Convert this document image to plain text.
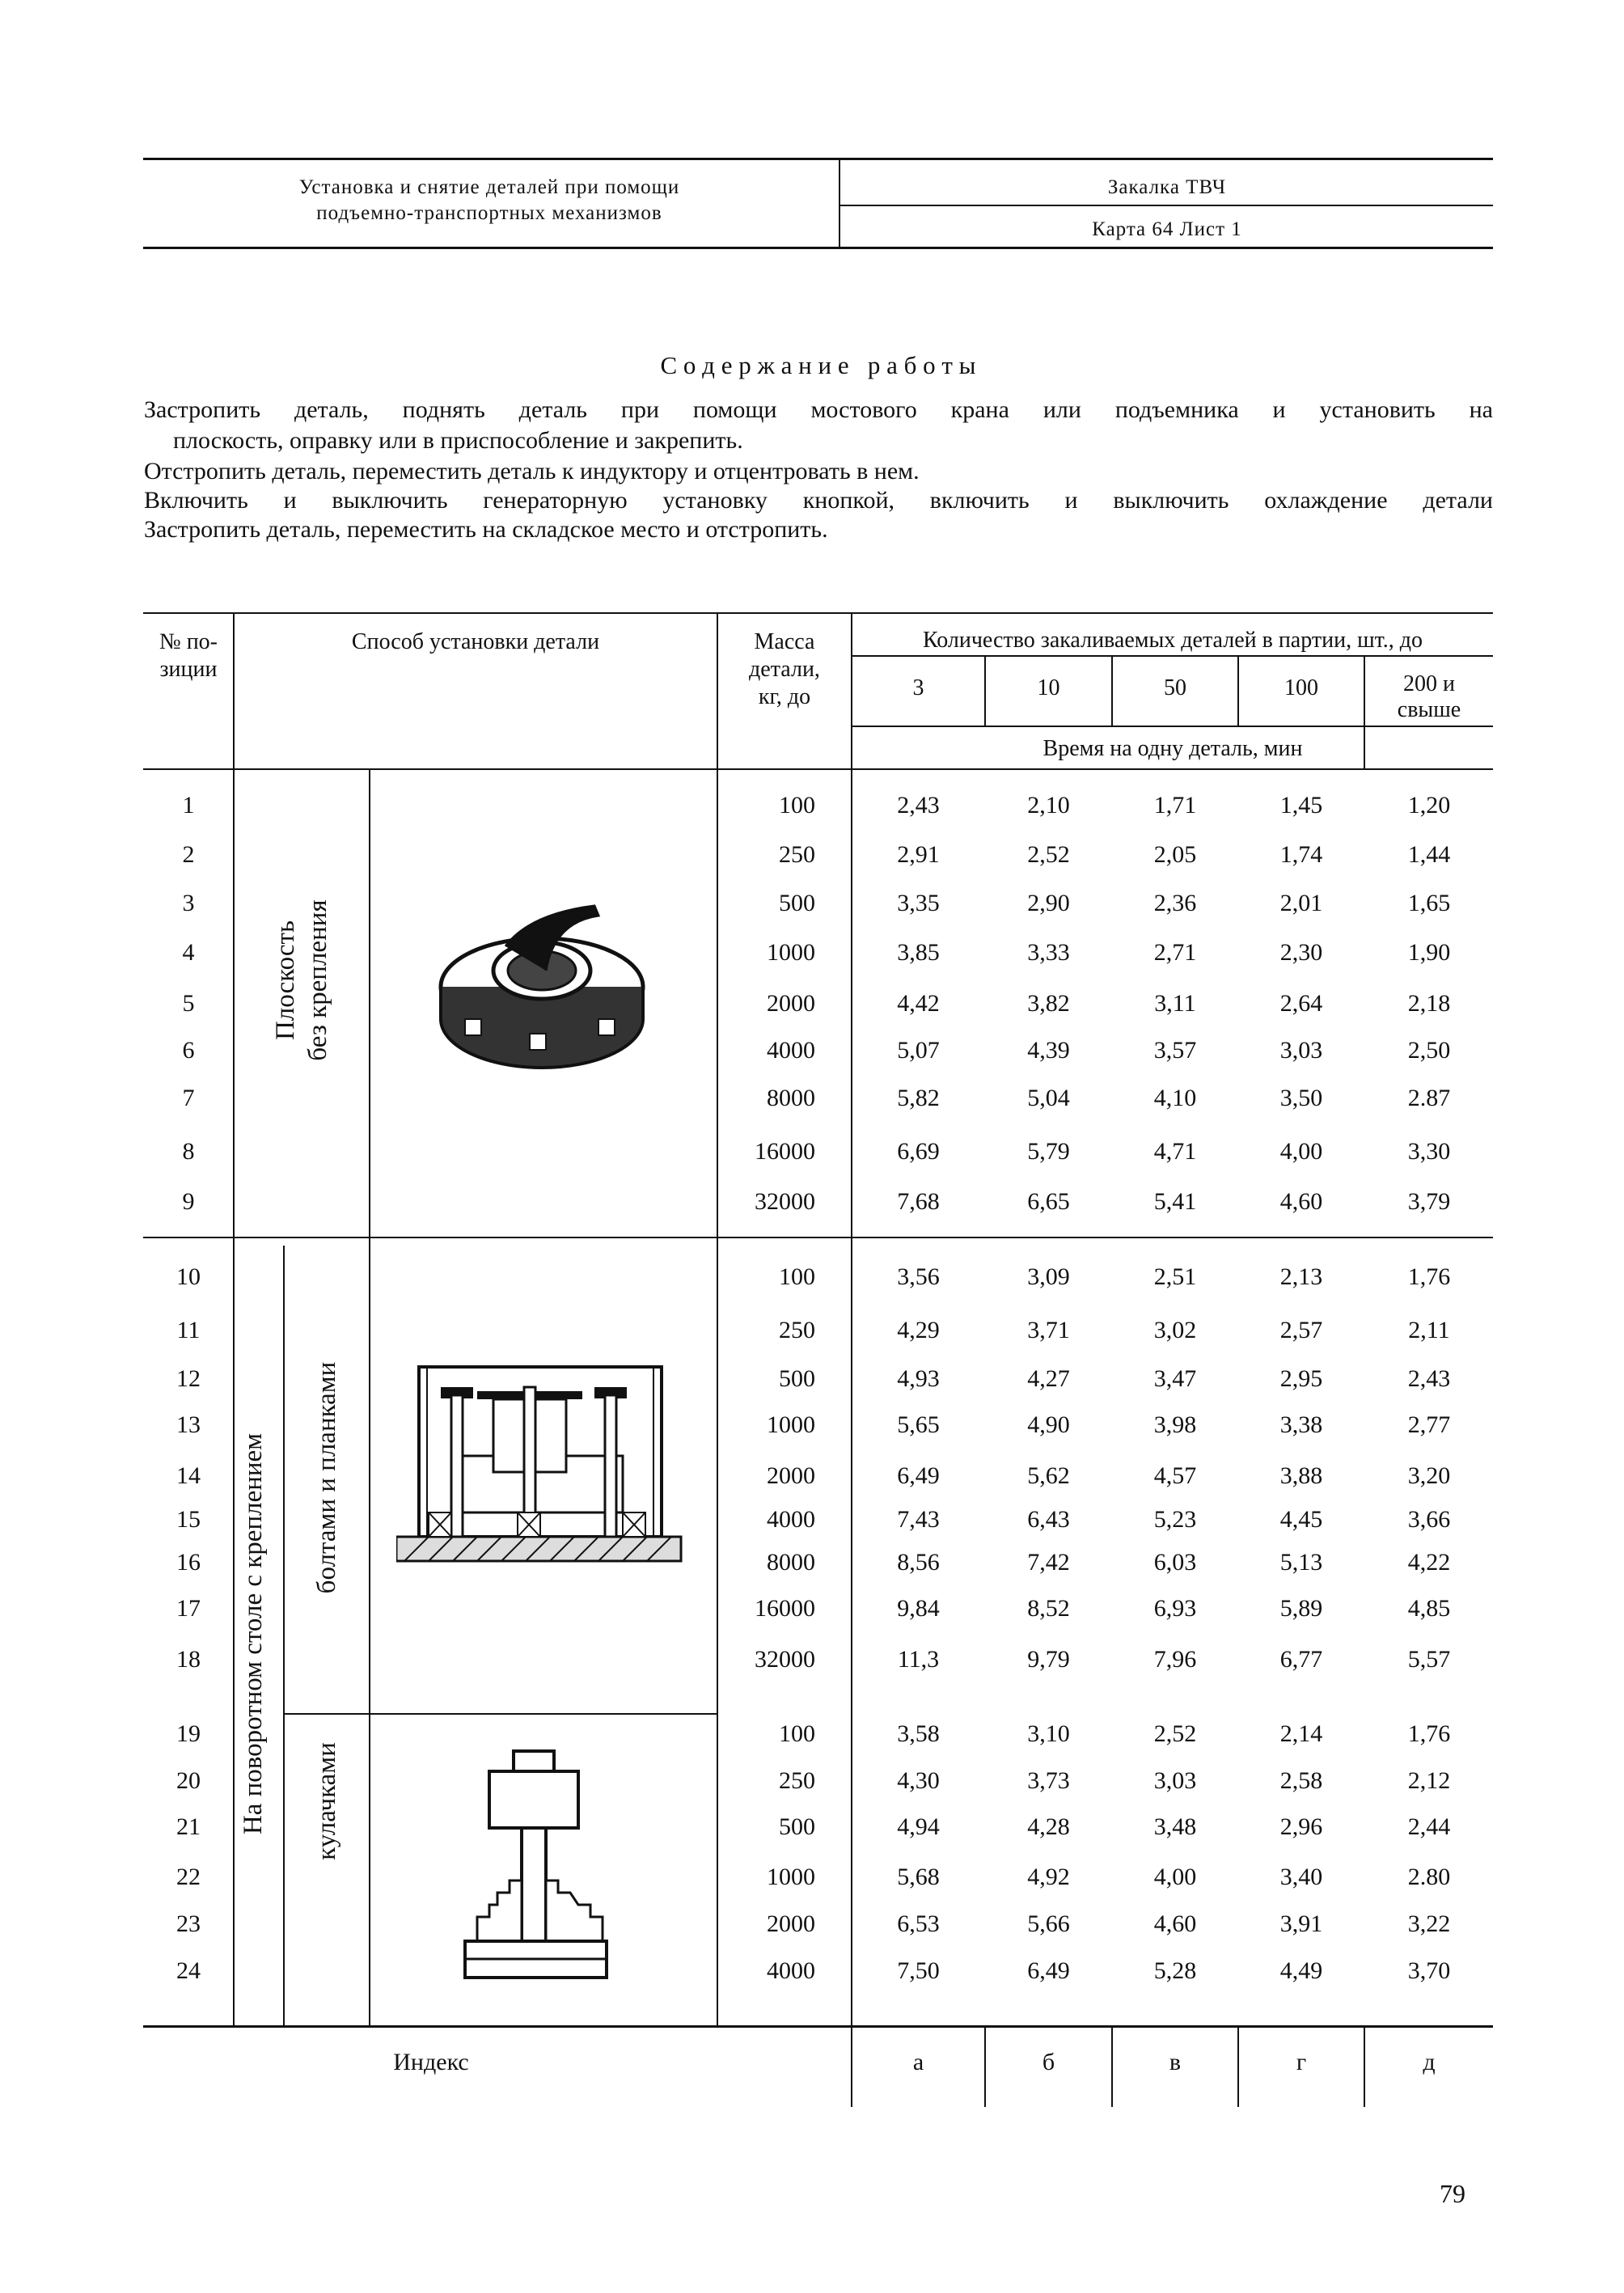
Установка и снятие деталей при помощи
подъемно-транспортных механизмов
Закалка ТВЧ
Карта 64 Лист 1
С о д е р ж а н и е   р а б о т ы
Застропить деталь, поднять деталь при помощи мостового крана или подъемника и установить на
плоскость, оправку или в приспособление и закрепить.
Отстропить деталь, переместить деталь к индуктору и отцентровать в нем.
Включить и выключить генераторную установку кнопкой, включить и выключить охлаждение детали
Застропить деталь, переместить на складское место и отстропить.
№ по-
зиции
Способ установки детали	Масса
детали,
кг, до
Количество закаливаемых деталей в партии, шт., до
3	10	50	100	200 и свыше
Время на одну деталь, мин
Плоскость без крепления
На поворотном столе с креплением болтами и планками
кулачками
1	100	2,43	2,10	1,71	1,45	1,20
2	250	2,91	2,52	2,05	1,74	1,44
3	500	3,35	2,90	2,36	2,01	1,65
4	1000	3,85	3,33	2,71	2,30	1,90
5	2000	4,42	3,82	3,11	2,64	2,18
6	4000	5,07	4,39	3,57	3,03	2,50
7	8000	5,82	5,04	4,10	3,50	2.87
8	16000	6,69	5,79	4,71	4,00	3,30
9	32000	7,68	6,65	5,41	4,60	3,79
10	100	3,56	3,09	2,51	2,13	1,76
11	250	4,29	3,71	3,02	2,57	2,11
12	500	4,93	4,27	3,47	2,95	2,43
13	1000	5,65	4,90	3,98	3,38	2,77
14	2000	6,49	5,62	4,57	3,88	3,20
15	4000	7,43	6,43	5,23	4,45	3,66
16	8000	8,56	7,42	6,03	5,13	4,22
17	16000	9,84	8,52	6,93	5,89	4,85
18	32000	11,3	9,79	7,96	6,77	5,57
19	100	3,58	3,10	2,52	2,14	1,76
20	250	4,30	3,73	3,03	2,58	2,12
21	500	4,94	4,28	3,48	2,96	2,44
22	1000	5,68	4,92	4,00	3,40	2.80
23	2000	6,53	5,66	4,60	3,91	3,22
24	4000	7,50	6,49	5,28	4,49	3,70
Индекс	а	б	в	г	д
79
